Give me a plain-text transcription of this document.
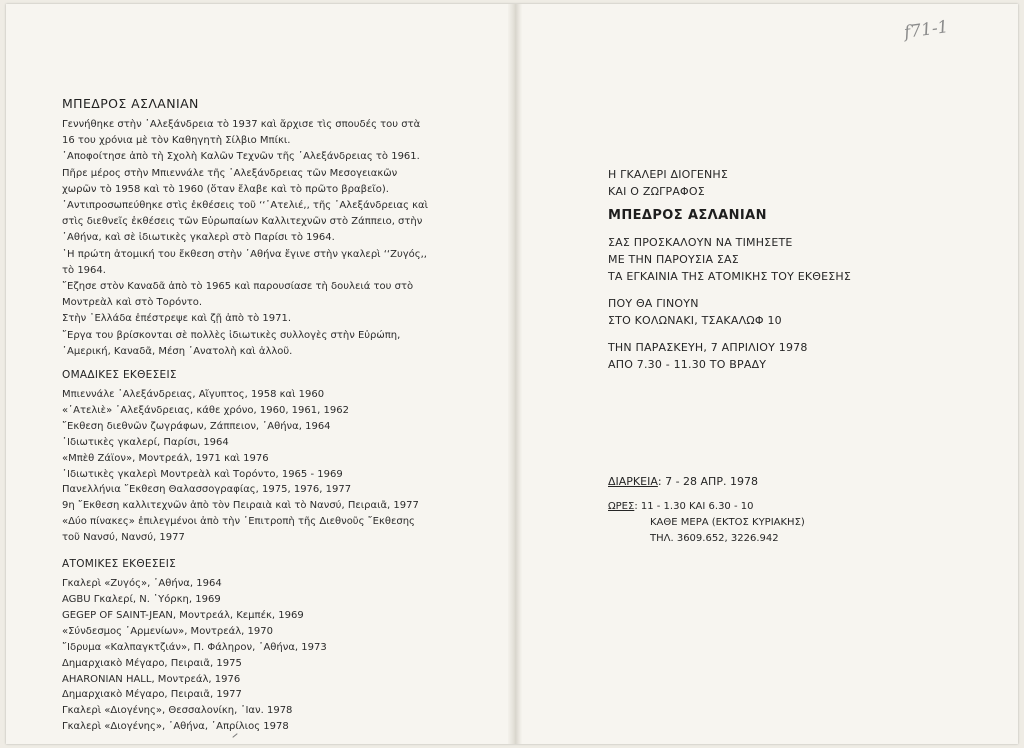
f71-1
ΜΠΕΔΡΟΣ ΑΣΛΑΝΙΑΝ

Γεννήθηκε στὴν ᾿Αλεξάνδρεια τὸ 1937 καὶ ἄρχισε τὶς σπουδές του στὰ

16 του χρόνια μὲ τὸν Καθηγητὴ Σίλβιο Μπίκι.

᾿Αποφοίτησε ἀπὸ τὴ Σχολὴ Καλῶν Τεχνῶν τῆς ᾿Αλεξάνδρειας τὸ 1961.

Πῆρε μέρος στὴν Μπιεννάλε τῆς ᾿Αλεξάνδρειας τῶν Μεσογειακῶν

χωρῶν τὸ 1958 καὶ τὸ 1960 (ὅταν ἔλαβε καὶ τὸ πρῶτο βραβεῖο).

᾿Αντιπροσωπεύθηκε στὶς ἐκθέσεις τοῦ ‘‘᾿Ατελιέ,, τῆς ᾿Αλεξάνδρειας καὶ

στὶς διεθνεῖς ἐκθέσεις τῶν Εὐρωπαίων Καλλιτεχνῶν στὸ Ζάππειο, στὴν

᾿Αθήνα, καὶ σὲ ἰδιωτικὲς γκαλερὶ στὸ Παρίσι τὸ 1964.

῾Η πρώτη ἀτομική του ἔκθεση στὴν ᾿Αθήνα ἔγινε στὴν γκαλερὶ ‘‘Ζυγός,,

τὸ 1964.

῎Εζησε στὸν Καναδᾶ ἀπὸ τὸ 1965 καὶ παρουσίασε τὴ δουλειά του στὸ

Μοντρεὰλ καὶ στὸ Τορόντο.

Στὴν ῾Ελλάδα ἐπέστρεψε καὶ ζῇ ἀπὸ τὸ 1971.

῎Εργα του βρίσκονται σὲ πολλὲς ἰδιωτικὲς συλλογὲς στὴν Εὐρώπη,

᾿Αμερική, Καναδᾶ, Μέση ᾿Ανατολὴ καὶ ἀλλοῦ.

ΟΜΑΔΙΚΕΣ ΕΚΘΕΣΕΙΣ
Μπιεννάλε ᾿Αλεξάνδρειας, Αἴγυπτος, 1958 καὶ 1960
«᾿Ατελιὲ» ᾿Αλεξάνδρειας, κάθε χρόνο, 1960, 1961, 1962
῎Εκθεση διεθνῶν ζωγράφων, Ζάππειον, ᾿Αθήνα, 1964
᾿Ιδιωτικὲς γκαλερί, Παρίσι, 1964
«Μπὲθ Ζάϊον», Μοντρεάλ, 1971 καὶ 1976
᾿Ιδιωτικὲς γκαλερὶ Μοντρεὰλ καὶ Τορόντο, 1965 - 1969
Πανελλήνια ῎Εκθεση Θαλασσογραφίας, 1975, 1976, 1977
9η ῎Εκθεση καλλιτεχνῶν ἀπὸ τὸν Πειραιὰ καὶ τὸ Νανσύ, Πειραιᾶ, 1977
«Δύο πίνακες» ἐπιλεγμένοι ἀπὸ τὴν ᾿Επιτροπὴ τῆς Διεθνοῦς ῎Εκθεσης
τοῦ Νανσύ, Νανσύ, 1977
ΑΤΟΜΙΚΕΣ ΕΚΘΕΣΕΙΣ
Γκαλερὶ «Ζυγός», ᾿Αθήνα, 1964
AGBU Γκαλερί, Ν. ῾Υόρκη, 1969
GEGEP OF SAINT-JEAN, Μοντρεάλ, Κεμπέκ, 1969
«Σύνδεσμος ᾿Αρμενίων», Μοντρεάλ, 1970
῎Ιδρυμα «Καλπαγκτζιάν», Π. Φάληρον, ᾿Αθήνα, 1973
Δημαρχιακὸ Μέγαρο, Πειραιᾶ, 1975
AHARONIAN HALL, Μοντρεάλ, 1976
Δημαρχιακὸ Μέγαρο, Πειραιᾶ, 1977
Γκαλερὶ «Διογένης», Θεσσαλονίκη, ᾿Ιαν. 1978
Γκαλερὶ «Διογένης», ᾿Αθήνα, ᾿Απρίλιος 1978
Η ΓΚΑΛΕΡΙ ΔΙΟΓΕΝΗΣ
ΚΑΙ Ο ΖΩΓΡΑΦΟΣ
ΜΠΕΔΡΟΣ ΑΣΛΑΝΙΑΝ
ΣΑΣ ΠΡΟΣΚΑΛΟΥΝ ΝΑ ΤΙΜΗΣΕΤΕ
ΜΕ ΤΗΝ ΠΑΡΟΥΣΙΑ ΣΑΣ
ΤΑ ΕΓΚΑΙΝΙΑ ΤΗΣ ΑΤΟΜΙΚΗΣ ΤΟΥ ΕΚΘΕΣΗΣ
ΠΟΥ ΘΑ ΓΙΝΟΥΝ
ΣΤΟ ΚΟΛΩΝΑΚΙ, ΤΣΑΚΑΛΩΦ 10
ΤΗΝ ΠΑΡΑΣΚΕΥΗ, 7 ΑΠΡΙΛΙΟΥ 1978
ΑΠΟ 7.30 - 11.30 ΤΟ ΒΡΑΔΥ
ΔΙΑΡΚΕΙΑ: 7 - 28 ΑΠΡ. 1978
ΩΡΕΣ: 11 - 1.30 ΚΑΙ 6.30 - 10
ΚΑΘΕ ΜΕΡΑ (ΕΚΤΟΣ ΚΥΡΙΑΚΗΣ)
ΤΗΛ. 3609.652, 3226.942
